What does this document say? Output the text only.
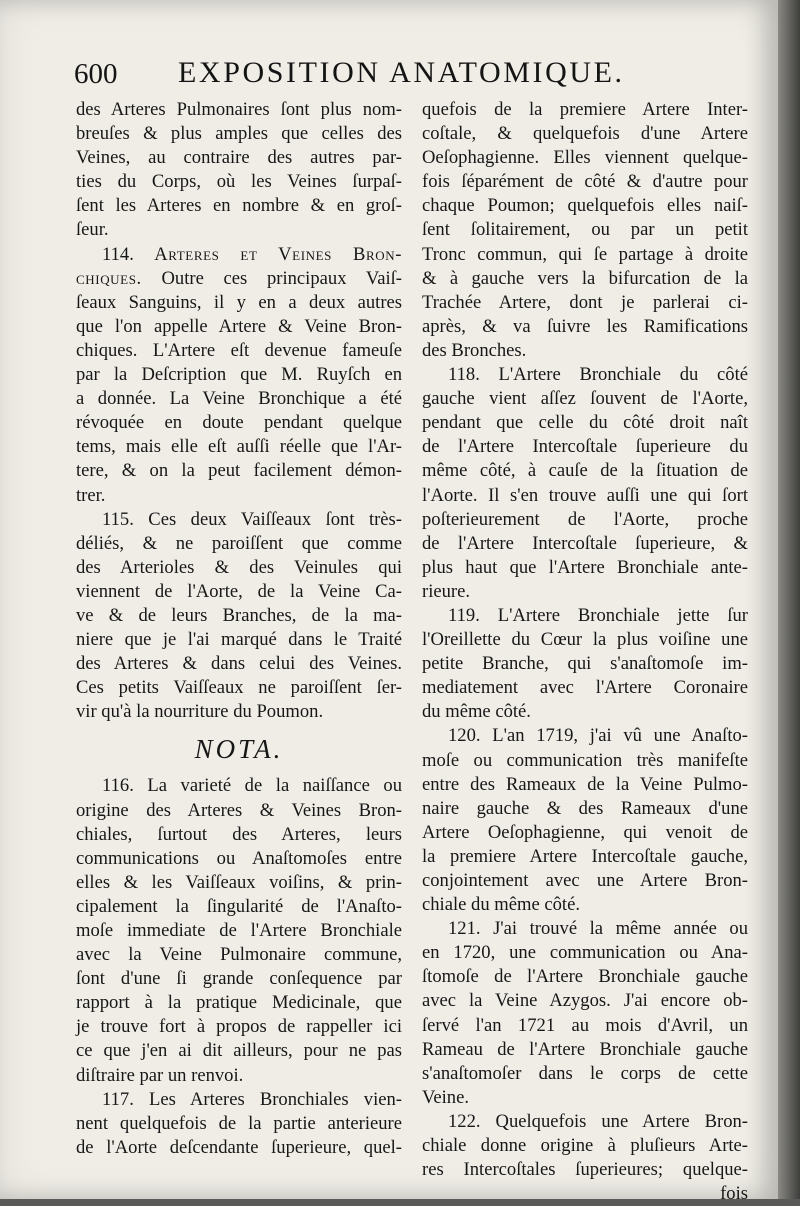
600 EXPOSITION ANATOMIQUE.
des Arteres Pulmonaires ſont plus nom-
breuſes & plus amples que celles des
Veines, au contraire des autres par-
ties du Corps, où les Veines ſurpaſ-
ſent les Arteres en nombre & en groſ-
ſeur.
114. Arteres et Veines Bron-
chiques. Outre ces principaux Vaiſ-
ſeaux Sanguins, il y en a deux autres
que l'on appelle Artere & Veine Bron-
chiques. L'Artere eſt devenue fameuſe
par la Deſcription que M. Ruyſch en
a donnée. La Veine Bronchique a été
révoquée en doute pendant quelque
tems, mais elle eſt auſſi réelle que l'Ar-
tere, & on la peut facilement démon-
trer.
115. Ces deux Vaiſſeaux ſont très-
déliés, & ne paroiſſent que comme
des Arterioles & des Veinules qui
viennent de l'Aorte, de la Veine Ca-
ve & de leurs Branches, de la ma-
niere que je l'ai marqué dans le Traité
des Arteres & dans celui des Veines.
Ces petits Vaiſſeaux ne paroiſſent ſer-
vir qu'à la nourriture du Poumon.
NOTA.
116. La varieté de la naiſſance ou
origine des Arteres & Veines Bron-
chiales, ſurtout des Arteres, leurs
communications ou Anaſtomoſes entre
elles & les Vaiſſeaux voiſins, & prin-
cipalement la ſingularité de l'Anaſto-
moſe immediate de l'Artere Bronchiale
avec la Veine Pulmonaire commune,
ſont d'une ſi grande conſequence par
rapport à la pratique Medicinale, que
je trouve fort à propos de rappeller ici
ce que j'en ai dit ailleurs, pour ne pas
diſtraire par un renvoi.
117. Les Arteres Bronchiales vien-
nent quelquefois de la partie anterieure
de l'Aorte deſcendante ſuperieure, quel-
quefois de la premiere Artere Inter-
coſtale, & quelquefois d'une Artere
Oeſophagienne. Elles viennent quelque-
fois ſéparément de côté & d'autre pour
chaque Poumon; quelquefois elles naiſ-
ſent ſolitairement, ou par un petit
Tronc commun, qui ſe partage à droite
& à gauche vers la bifurcation de la
Trachée Artere, dont je parlerai ci-
après, & va ſuivre les Ramifications
des Bronches.
118. L'Artere Bronchiale du côté
gauche vient aſſez ſouvent de l'Aorte,
pendant que celle du côté droit naît
de l'Artere Intercoſtale ſuperieure du
même côté, à cauſe de la ſituation de
l'Aorte. Il s'en trouve auſſi une qui ſort
poſterieurement de l'Aorte, proche
de l'Artere Intercoſtale ſuperieure, &
plus haut que l'Artere Bronchiale ante-
rieure.
119. L'Artere Bronchiale jette ſur
l'Oreillette du Cœur la plus voiſine une
petite Branche, qui s'anaſtomoſe im-
mediatement avec l'Artere Coronaire
du même côté.
120. L'an 1719, j'ai vû une Anaſto-
moſe ou communication très manifeſte
entre des Rameaux de la Veine Pulmo-
naire gauche & des Rameaux d'une
Artere Oeſophagienne, qui venoit de
la premiere Artere Intercoſtale gauche,
conjointement avec une Artere Bron-
chiale du même côté.
121. J'ai trouvé la même année ou
en 1720, une communication ou Ana-
ſtomoſe de l'Artere Bronchiale gauche
avec la Veine Azygos. J'ai encore ob-
ſervé l'an 1721 au mois d'Avril, un
Rameau de l'Artere Bronchiale gauche
s'anaſtomoſer dans le corps de cette
Veine.
122. Quelquefois une Artere Bron-
chiale donne origine à pluſieurs Arte-
res Intercoſtales ſuperieures; quelque-
fois
